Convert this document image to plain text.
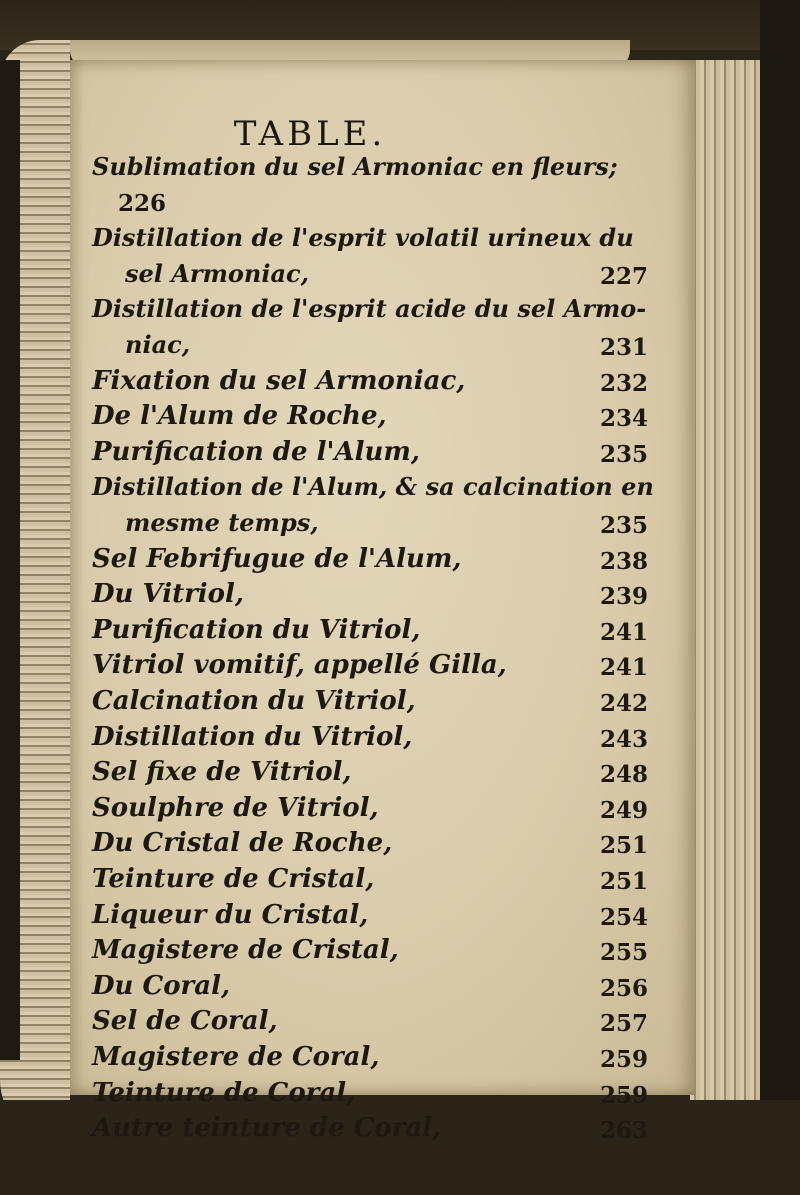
TABLE.
Sublimation du sel Armoniac en fleurs;
226
Distillation de l'esprit volatil urineux du
sel Armoniac,	227
Distillation de l'esprit acide du sel Armo-
niac,	231
Fixation du sel Armoniac,	232
De l'Alum de Roche,	234
Purification de l'Alum,	235
Distillation de l'Alum, & sa calcination en
mesme temps,	235
Sel Febrifugue de l'Alum,	238
Du Vitriol,	239
Purification du Vitriol,	241
Vitriol vomitif, appellé Gilla,	241
Calcination du Vitriol,	242
Distillation du Vitriol,	243
Sel fixe de Vitriol,	248
Soulphre de Vitriol,	249
Du Cristal de Roche,	251
Teinture de Cristal,	251
Liqueur du Cristal,	254
Magistere de Cristal,	255
Du Coral,	256
Sel de Coral,	257
Magistere de Coral,	259
Teinture de Coral,	259
Autre teinture de Coral,	263
